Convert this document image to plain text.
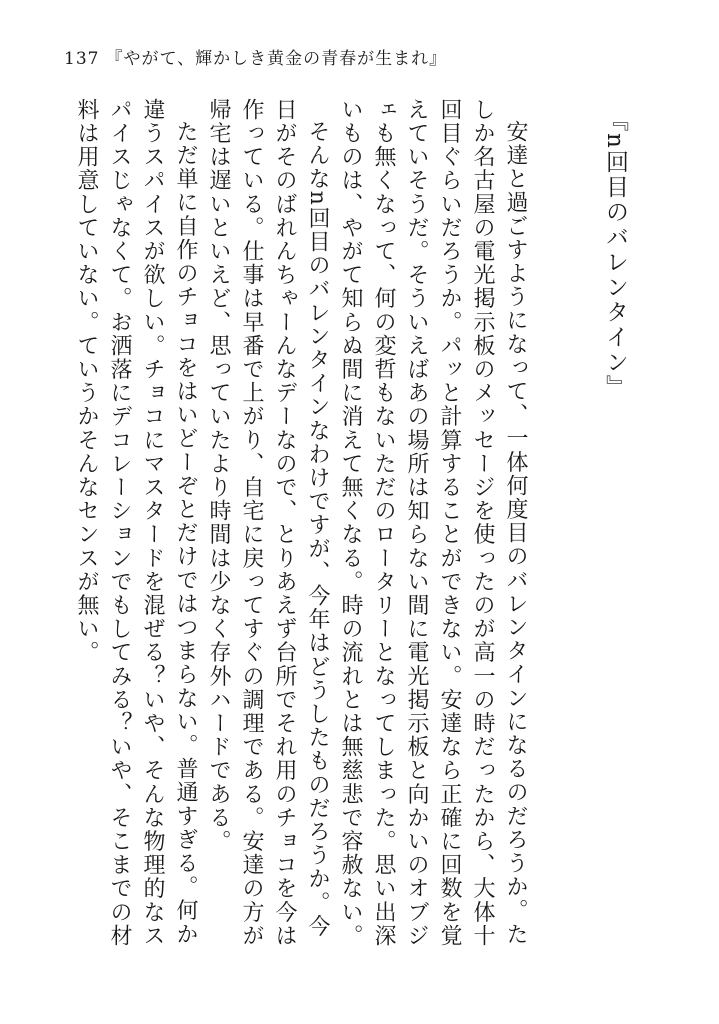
137 『やがて、輝かしき黄金の青春が生まれ』
『n回目のバレンタイン』

安達と過ごすようになって、一体何度目のバレンタインになるのだろうか。たしか名古屋の電光掲示板のメッセージを使ったのが高一の時だったから、大体十回目ぐらいだろうか。パッと計算することができない。安達なら正確に回数を覚えていそうだ。そういえばあの場所は知らない間に電光掲示板と向かいのオブジェも無くなって、何の変哲もないただのロータリーとなってしまった。思い出深いものは、やがて知らぬ間に消えて無くなる。時の流れとは無慈悲で容赦ない。

そんなn回目のバレンタインなわけですが、今年はどうしたものだろうか。今日がそのばれんちゃーんなデーなので、とりあえず台所でそれ用のチョコを今は作っている。仕事は早番で上がり、自宅に戻ってすぐの調理である。安達の方が帰宅は遅いといえど、思っていたより時間は少なく存外ハードである。

ただ単に自作のチョコをはいどーぞとだけではつまらない。普通すぎる。何か違うスパイスが欲しい。チョコにマスタードを混ぜる？いや、そんな物理的なスパイスじゃなくて。お洒落にデコレーションでもしてみる？いや、そこまでの材料は用意していない。ていうかそんなセンスが無い。
